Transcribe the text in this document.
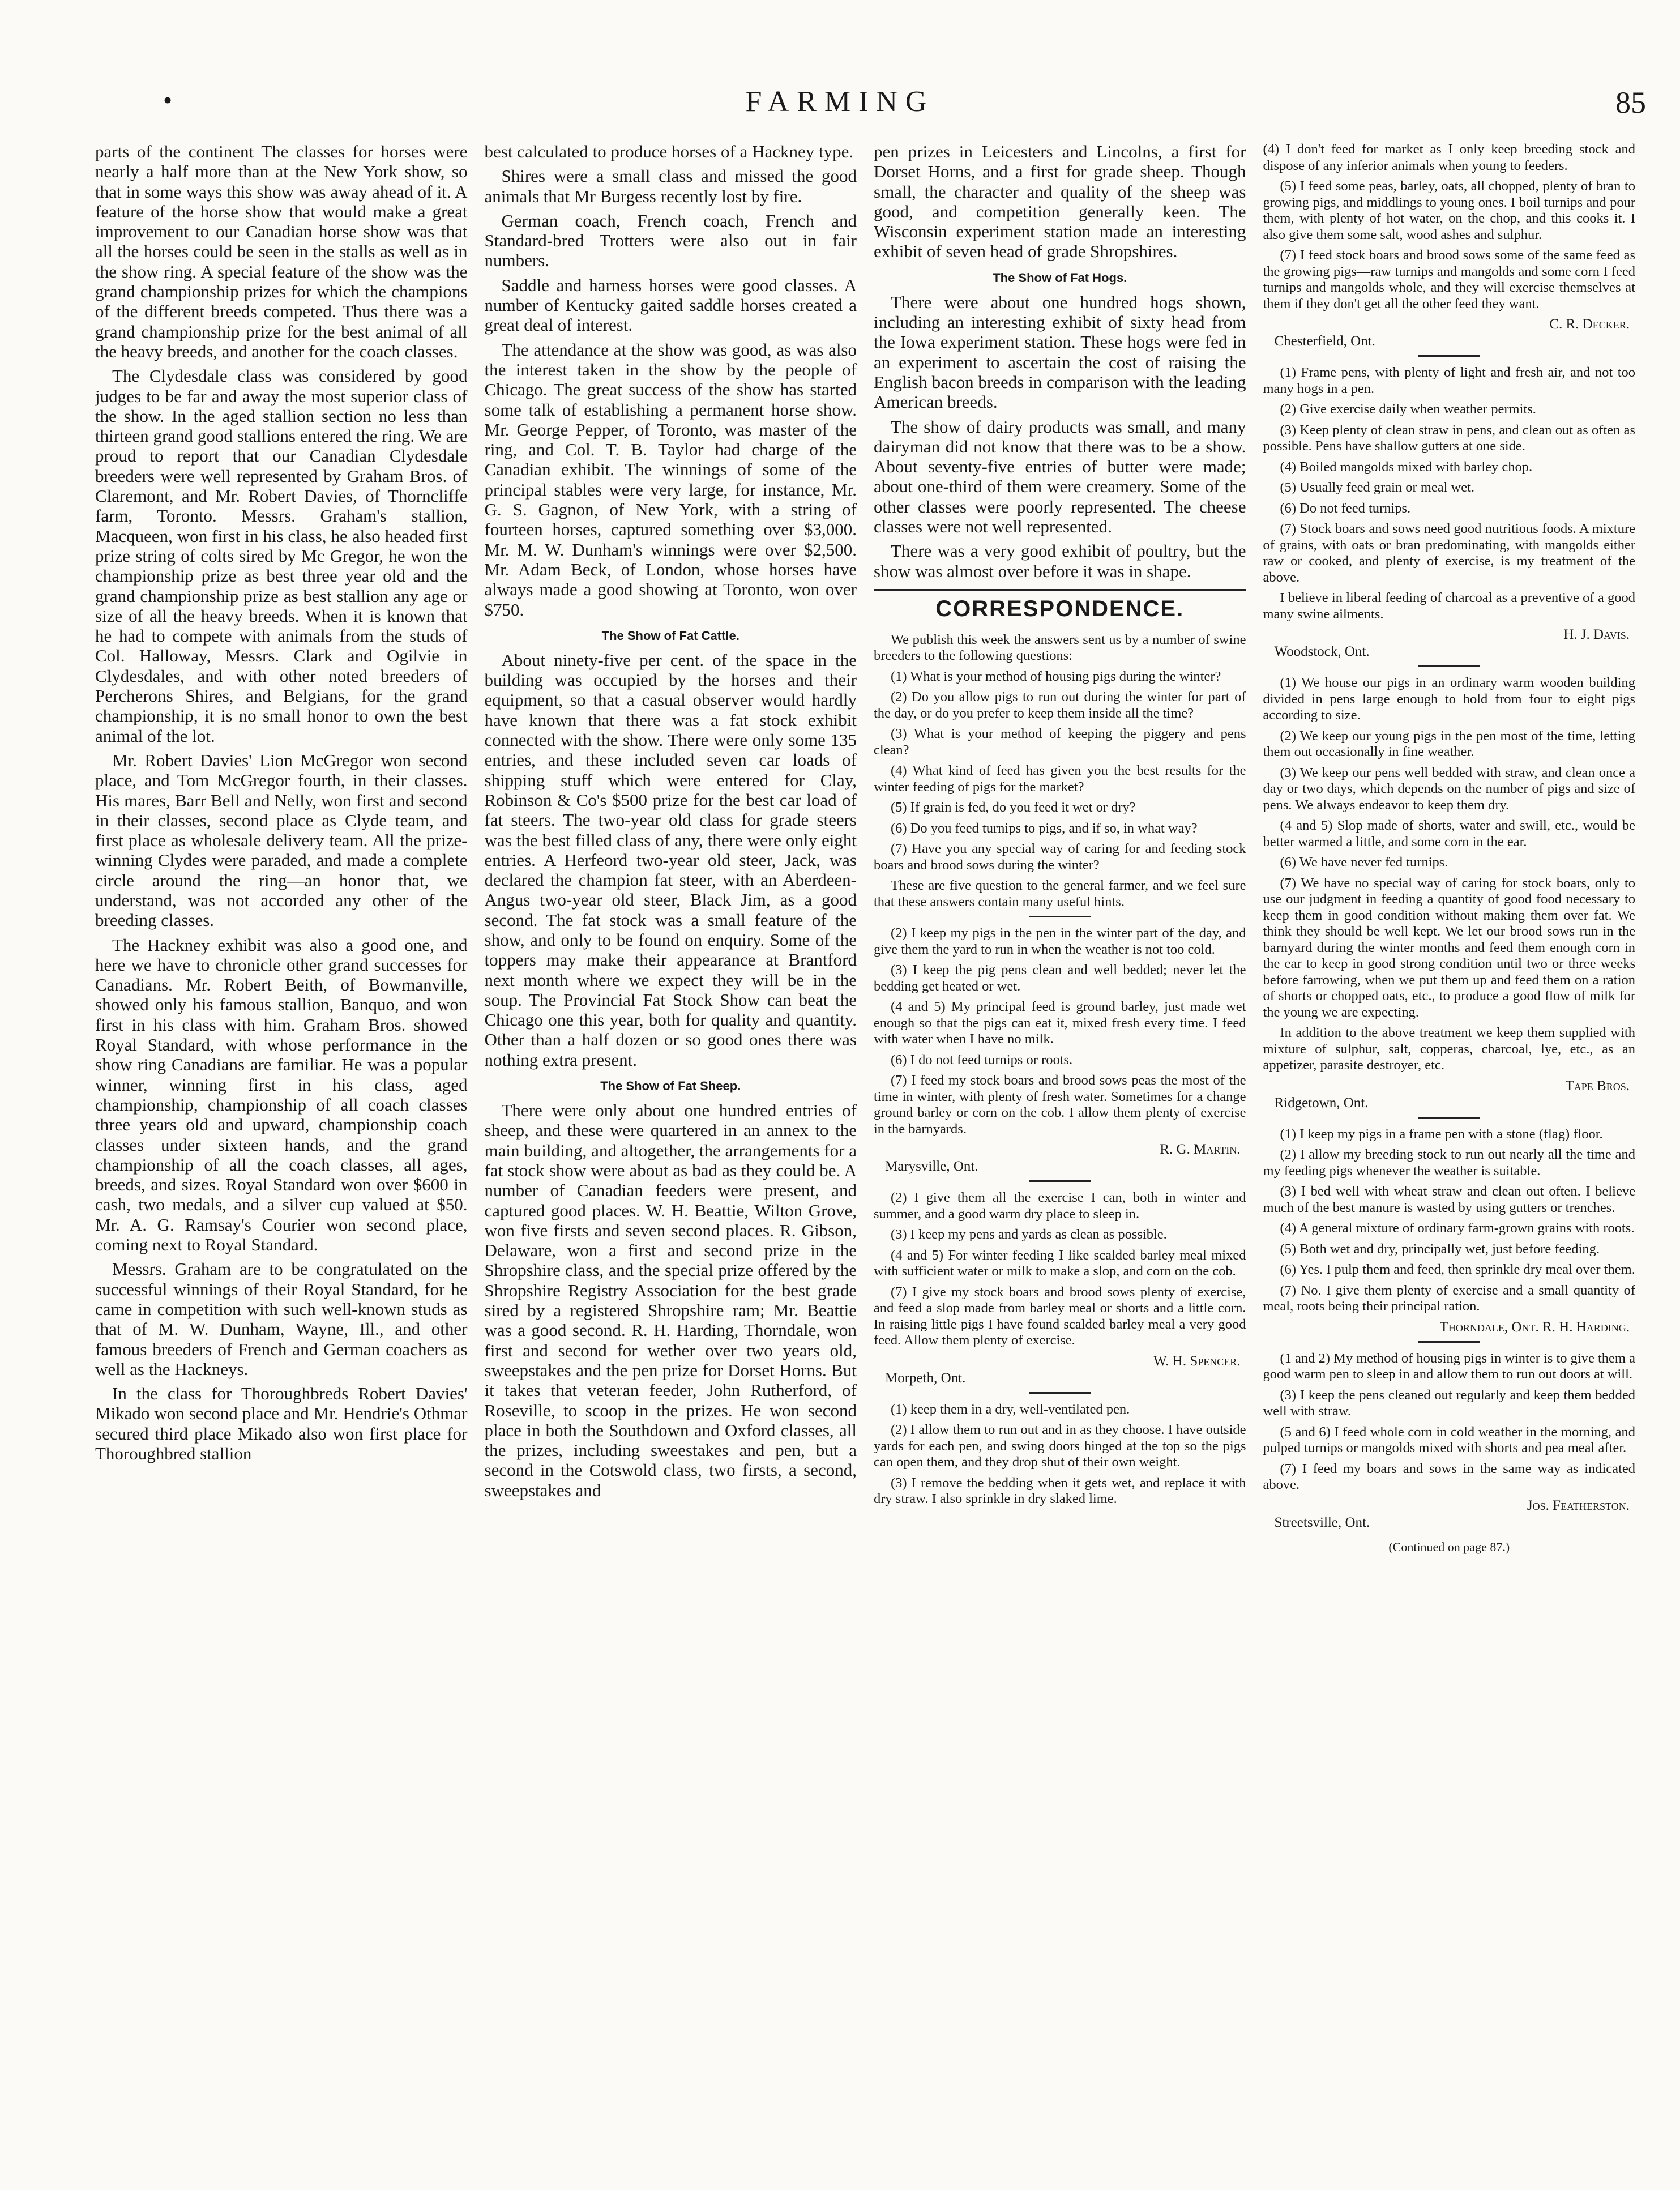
•	FARMING	85

parts of the continent The classes for horses were nearly a half more than at the New York show, so that in some ways this show was away ahead of it. A feature of the horse show that would make a great improvement to our Canadian horse show was that all the horses could be seen in the stalls as well as in the show ring. A special feature of the show was the grand championship prizes for which the champions of the different breeds competed. Thus there was a grand championship prize for the best animal of all the heavy breeds, and another for the coach classes.

The Clydesdale class was considered by good judges to be far and away the most superior class of the show. In the aged stallion section no less than thirteen grand good stallions entered the ring. We are proud to report that our Canadian Clydesdale breeders were well represented by Graham Bros. of Claremont, and Mr. Robert Davies, of Thorncliffe farm, Toronto. Messrs. Graham's stallion, Macqueen, won first in his class, he also headed first prize string of colts sired by Mc Gregor, he won the championship prize as best three year old and the grand championship prize as best stallion any age or size of all the heavy breeds. When it is known that he had to compete with animals from the studs of Col. Halloway, Messrs. Clark and Ogilvie in Clydesdales, and with other noted breeders of Percherons Shires, and Belgians, for the grand championship, it is no small honor to own the best animal of the lot.

Mr. Robert Davies' Lion McGregor won second place, and Tom McGregor fourth, in their classes. His mares, Barr Bell and Nelly, won first and second in their classes, second place as Clyde team, and first place as wholesale delivery team. All the prize-winning Clydes were paraded, and made a complete circle around the ring—an honor that, we understand, was not accorded any other of the breeding classes.

The Hackney exhibit was also a good one, and here we have to chronicle other grand successes for Canadians. Mr. Robert Beith, of Bowmanville, showed only his famous stallion, Banquo, and won first in his class with him. Graham Bros. showed Royal Standard, with whose performance in the show ring Canadians are familiar. He was a popular winner, winning first in his class, aged championship, championship of all coach classes three years old and upward, championship coach classes under sixteen hands, and the grand championship of all the coach classes, all ages, breeds, and sizes. Royal Standard won over $600 in cash, two medals, and a silver cup valued at $50. Mr. A. G. Ramsay's Courier won second place, coming next to Royal Standard.

Messrs. Graham are to be congratulated on the successful winnings of their Royal Standard, for he came in competition with such well-known studs as that of M. W. Dunham, Wayne, Ill., and other famous breeders of French and German coachers as well as the Hackneys.

In the class for Thoroughbreds Robert Davies' Mikado won second place and Mr. Hendrie's Othmar secured third place Mikado also won first place for Thoroughbred stallion

best calculated to produce horses of a Hackney type.

Shires were a small class and missed the good animals that Mr Burgess recently lost by fire.

German coach, French coach, French and Standard-bred Trotters were also out in fair numbers.

Saddle and harness horses were good classes. A number of Kentucky gaited saddle horses created a great deal of interest.

The attendance at the show was good, as was also the interest taken in the show by the people of Chicago. The great success of the show has started some talk of establishing a permanent horse show. Mr. George Pepper, of Toronto, was master of the ring, and Col. T. B. Taylor had charge of the Canadian exhibit. The winnings of some of the principal stables were very large, for instance, Mr. G. S. Gagnon, of New York, with a string of fourteen horses, captured something over $3,000. Mr. M. W. Dunham's winnings were over $2,500. Mr. Adam Beck, of London, whose horses have always made a good showing at Toronto, won over $750.

The Show of Fat Cattle.

About ninety-five per cent. of the space in the building was occupied by the horses and their equipment, so that a casual observer would hardly have known that there was a fat stock exhibit connected with the show. There were only some 135 entries, and these included seven car loads of shipping stuff which were entered for Clay, Robinson & Co's $500 prize for the best car load of fat steers. The two-year old class for grade steers was the best filled class of any, there were only eight entries. A Herfeord two-year old steer, Jack, was declared the champion fat steer, with an Aberdeen-Angus two-year old steer, Black Jim, as a good second. The fat stock was a small feature of the show, and only to be found on enquiry. Some of the toppers may make their appearance at Brantford next month where we expect they will be in the soup. The Provincial Fat Stock Show can beat the Chicago one this year, both for quality and quantity. Other than a half dozen or so good ones there was nothing extra present.

The Show of Fat Sheep.

There were only about one hundred entries of sheep, and these were quartered in an annex to the main building, and altogether, the arrangements for a fat stock show were about as bad as they could be. A number of Canadian feeders were present, and captured good places. W. H. Beattie, Wilton Grove, won five firsts and seven second places. R. Gibson, Delaware, won a first and second prize in the Shropshire class, and the special prize offered by the Shropshire Registry Association for the best grade sired by a registered Shropshire ram; Mr. Beattie was a good second. R. H. Harding, Thorndale, won first and second for wether over two years old, sweepstakes and the pen prize for Dorset Horns. But it takes that veteran feeder, John Rutherford, of Roseville, to scoop in the prizes. He won second place in both the Southdown and Oxford classes, all the prizes, including sweestakes and pen, but a second in the Cotswold class, two firsts, a second, sweepstakes and

pen prizes in Leicesters and Lincolns, a first for Dorset Horns, and a first for grade sheep. Though small, the character and quality of the sheep was good, and competition generally keen. The Wisconsin experiment station made an interesting exhibit of seven head of grade Shropshires.

The Show of Fat Hogs.

There were about one hundred hogs shown, including an interesting exhibit of sixty head from the Iowa experiment station. These hogs were fed in an experiment to ascertain the cost of raising the English bacon breeds in comparison with the leading American breeds.

The show of dairy products was small, and many dairyman did not know that there was to be a show. About seventy-five entries of butter were made; about one-third of them were creamery. Some of the other classes were poorly represented. The cheese classes were not well represented.

There was a very good exhibit of poultry, but the show was almost over before it was in shape.

CORRESPONDENCE.

We publish this week the answers sent us by a number of swine breeders to the following questions:

(1) What is your method of housing pigs during the winter?

(2) Do you allow pigs to run out during the winter for part of the day, or do you prefer to keep them inside all the time?

(3) What is your method of keeping the piggery and pens clean?

(4) What kind of feed has given you the best results for the winter feeding of pigs for the market?

(5) If grain is fed, do you feed it wet or dry?

(6) Do you feed turnips to pigs, and if so, in what way?

(7) Have you any special way of caring for and feeding stock boars and brood sows during the winter?

These are five question to the general farmer, and we feel sure that these answers contain many useful hints.

(2) I keep my pigs in the pen in the winter part of the day, and give them the yard to run in when the weather is not too cold.

(3) I keep the pig pens clean and well bedded; never let the bedding get heated or wet.

(4 and 5) My principal feed is ground barley, just made wet enough so that the pigs can eat it, mixed fresh every time. I feed with water when I have no milk.

(6) I do not feed turnips or roots.

(7) I feed my stock boars and brood sows peas the most of the time in winter, with plenty of fresh water. Sometimes for a change ground barley or corn on the cob. I allow them plenty of exercise in the barnyards.

R. G. Martin.
Marysville, Ont.

(2) I give them all the exercise I can, both in winter and summer, and a good warm dry place to sleep in.

(3) I keep my pens and yards as clean as possible.

(4 and 5) For winter feeding I like scalded barley meal mixed with sufficient water or milk to make a slop, and corn on the cob.

(7) I give my stock boars and brood sows plenty of exercise, and feed a slop made from barley meal or shorts and a little corn. In raising little pigs I have found scalded barley meal a very good feed. Allow them plenty of exercise.

W. H. Spencer.
Morpeth, Ont.

(1) keep them in a dry, well-ventilated pen.

(2) I allow them to run out and in as they choose. I have outside yards for each pen, and swing doors hinged at the top so the pigs can open them, and they drop shut of their own weight.

(3) I remove the bedding when it gets wet, and replace it with dry straw. I also sprinkle in dry slaked lime.

(4) I don't feed for market as I only keep breeding stock and dispose of any inferior animals when young to feeders.

(5) I feed some peas, barley, oats, all chopped, plenty of bran to growing pigs, and middlings to young ones. I boil turnips and pour them, with plenty of hot water, on the chop, and this cooks it. I also give them some salt, wood ashes and sulphur.

(7) I feed stock boars and brood sows some of the same feed as the growing pigs—raw turnips and mangolds and some corn I feed turnips and mangolds whole, and they will exercise themselves at them if they don't get all the other feed they want.

C. R. Decker.
Chesterfield, Ont.

(1) Frame pens, with plenty of light and fresh air, and not too many hogs in a pen.

(2) Give exercise daily when weather permits.

(3) Keep plenty of clean straw in pens, and clean out as often as possible. Pens have shallow gutters at one side.

(4) Boiled mangolds mixed with barley chop.

(5) Usually feed grain or meal wet.

(6) Do not feed turnips.

(7) Stock boars and sows need good nutritious foods. A mixture of grains, with oats or bran predominating, with mangolds either raw or cooked, and plenty of exercise, is my treatment of the above.

I believe in liberal feeding of charcoal as a preventive of a good many swine ailments.

H. J. Davis.
Woodstock, Ont.

(1) We house our pigs in an ordinary warm wooden building divided in pens large enough to hold from four to eight pigs according to size.

(2) We keep our young pigs in the pen most of the time, letting them out occasionally in fine weather.

(3) We keep our pens well bedded with straw, and clean once a day or two days, which depends on the number of pigs and size of pens. We always endeavor to keep them dry.

(4 and 5) Slop made of shorts, water and swill, etc., would be better warmed a little, and some corn in the ear.

(6) We have never fed turnips.

(7) We have no special way of caring for stock boars, only to use our judgment in feeding a quantity of good food necessary to keep them in good condition without making them over fat. We think they should be well kept. We let our brood sows run in the barnyard during the winter months and feed them enough corn in the ear to keep in good strong condition until two or three weeks before farrowing, when we put them up and feed them on a ration of shorts or chopped oats, etc., to produce a good flow of milk for the young we are expecting.

In addition to the above treatment we keep them supplied with mixture of sulphur, salt, copperas, charcoal, lye, etc., as an appetizer, parasite destroyer, etc.

Tape Bros.
Ridgetown, Ont.

(1) I keep my pigs in a frame pen with a stone (flag) floor.

(2) I allow my breeding stock to run out nearly all the time and my feeding pigs whenever the weather is suitable.

(3) I bed well with wheat straw and clean out often. I believe much of the best manure is wasted by using gutters or trenches.

(4) A general mixture of ordinary farm-grown grains with roots.

(5) Both wet and dry, principally wet, just before feeding.

(6) Yes. I pulp them and feed, then sprinkle dry meal over them.

(7) No. I give them plenty of exercise and a small quantity of meal, roots being their principal ration.

Thorndale, Ont. R. H. Harding.

(1 and 2) My method of housing pigs in winter is to give them a good warm pen to sleep in and allow them to run out doors at will.

(3) I keep the pens cleaned out regularly and keep them bedded well with straw.

(5 and 6) I feed whole corn in cold weather in the morning, and pulped turnips or mangolds mixed with shorts and pea meal after.

(7) I feed my boars and sows in the same way as indicated above.

Jos. Featherston.
Streetsville, Ont.
(Continued on page 87.)
